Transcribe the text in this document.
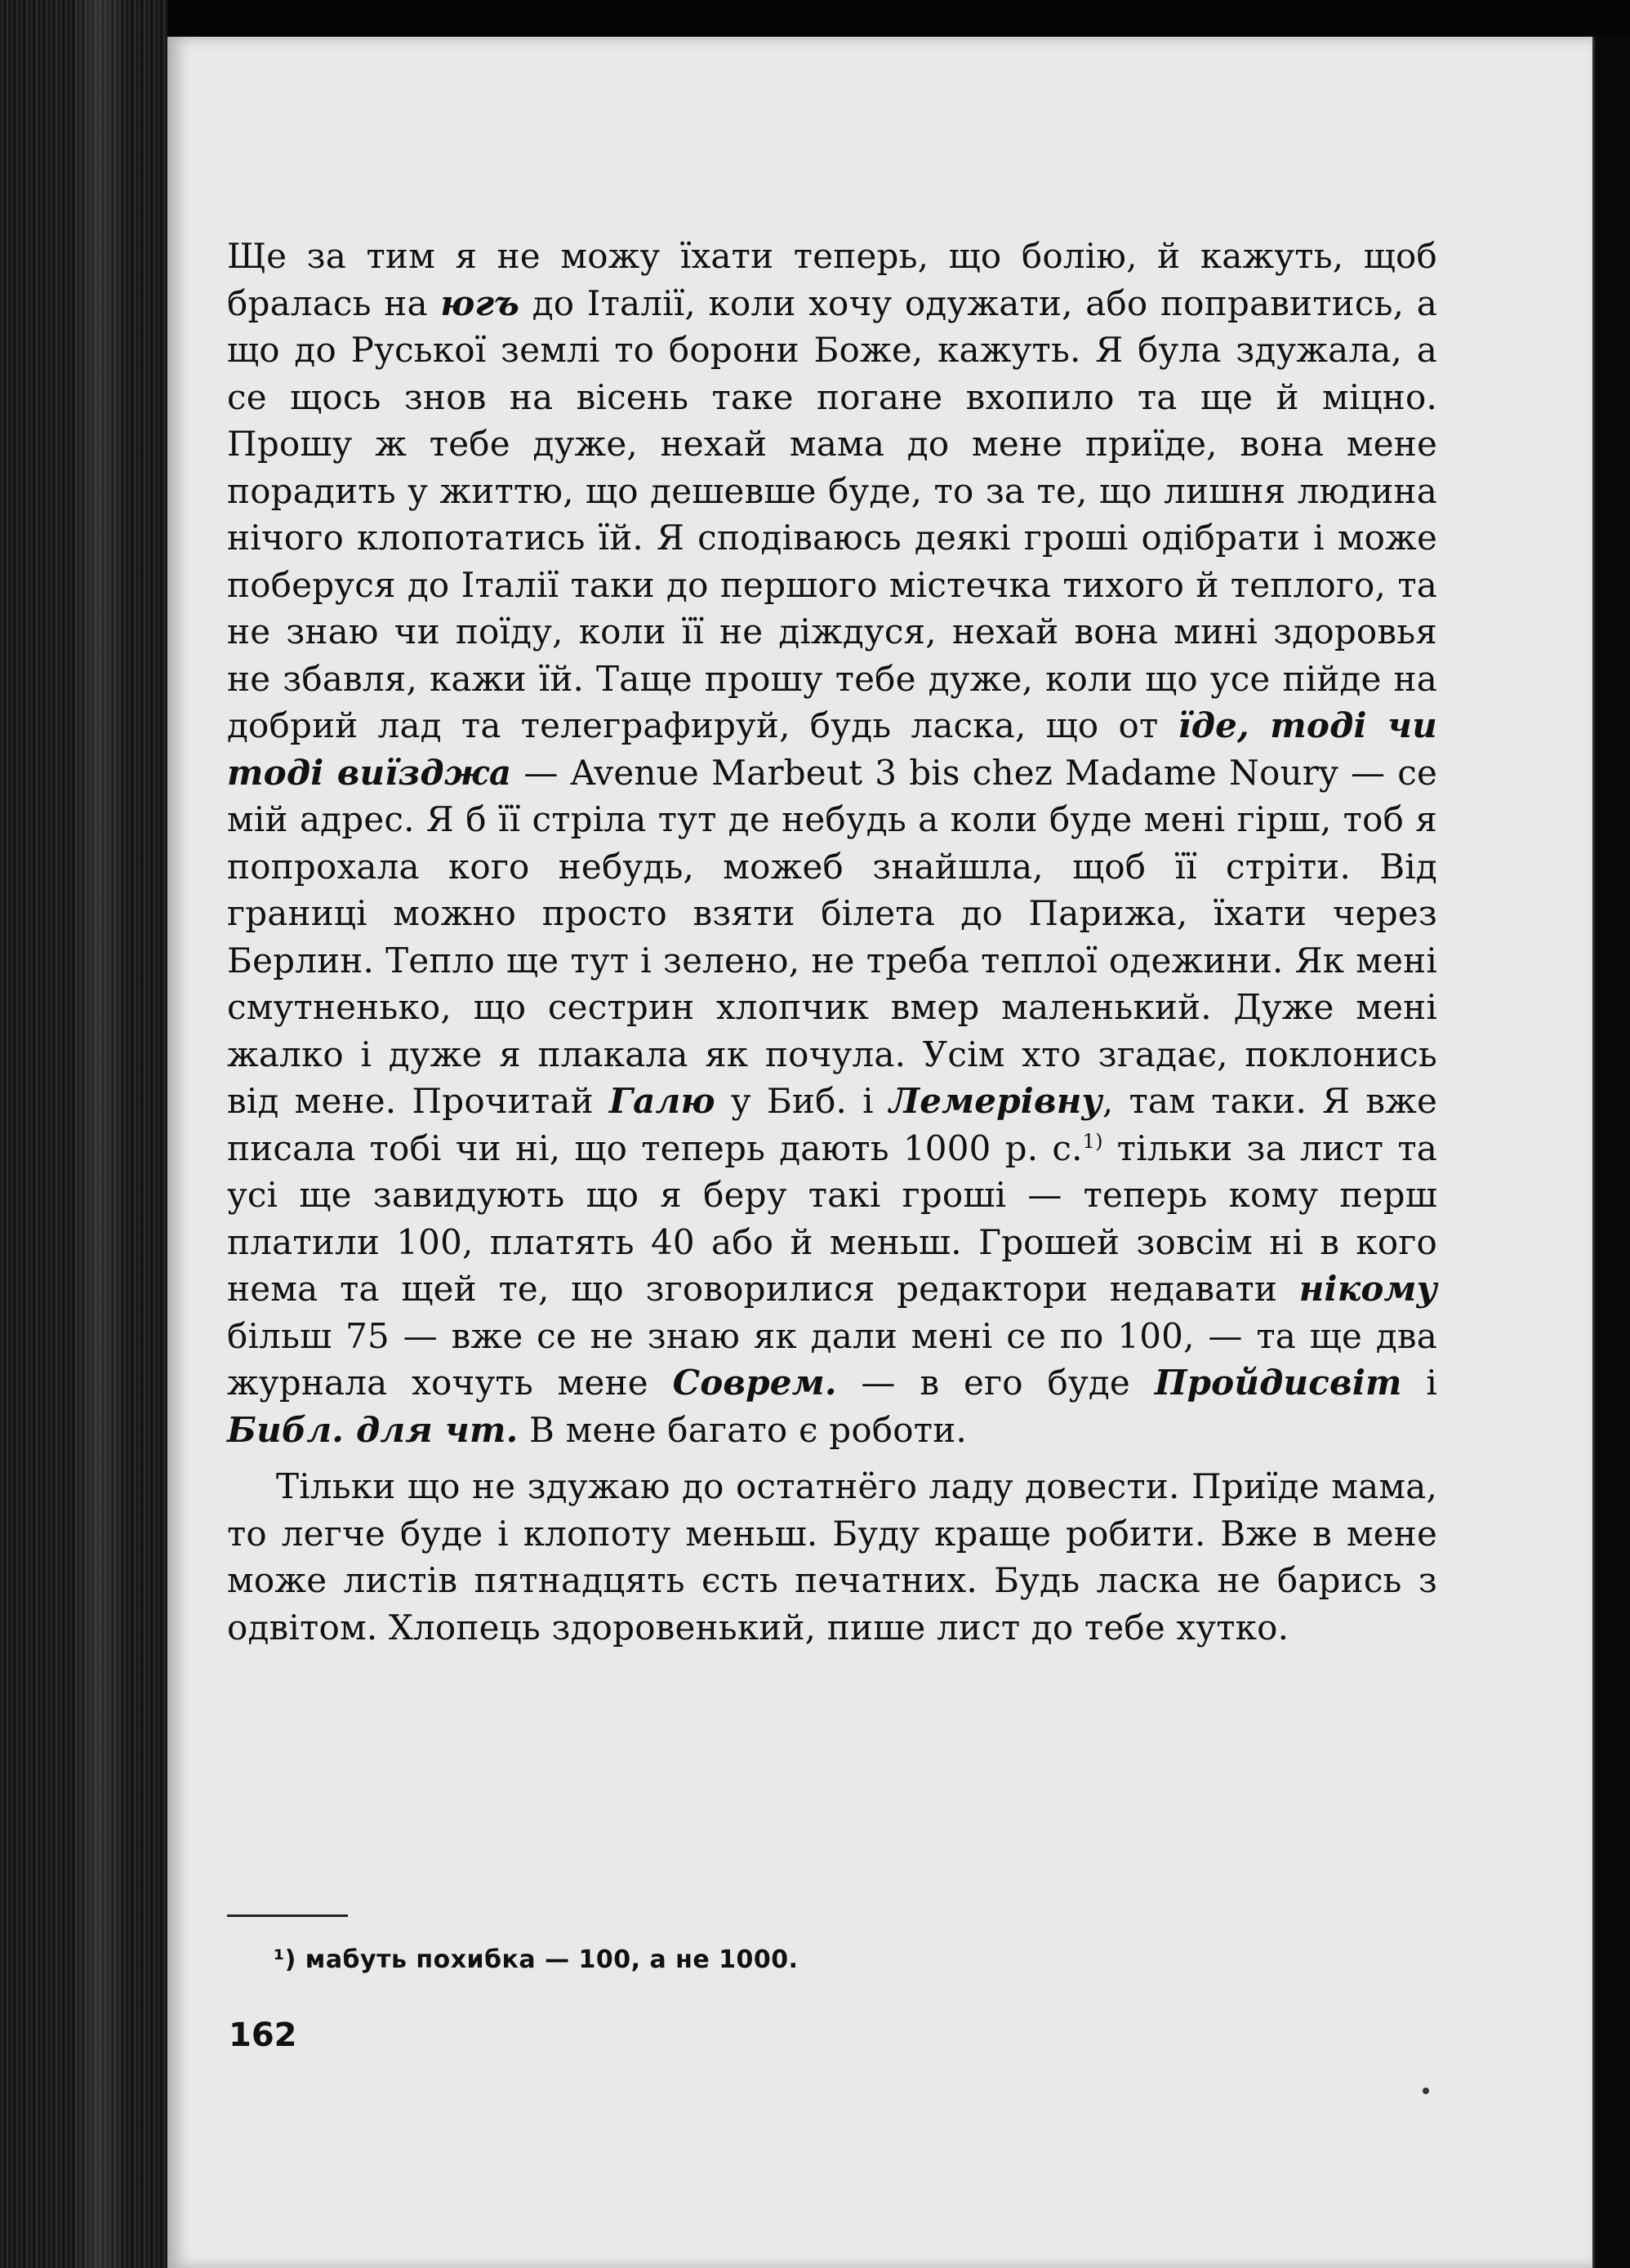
Ще за тим я не можу їхати теперь, що болію, й кажуть, щоб бралась на югъ до Італії, коли хочу одужати, або поправитись, а що до Руської землі то борони Боже, кажуть. Я була здужала, а се щось знов на вісень таке погане вхопило та ще й міцно. Прошу ж тебе дуже, нехай мама до мене приїде, вона мене порадить у життю, що дешевше буде, то за те, що лишня людина нічого клопотатись їй. Я сподіваюсь деякі гроші одібрати і може поберуся до Італії таки до першого містечка тихого й теплого, та не знаю чи поїду, коли її не діждуся, нехай вона мині здоровья не збавля, кажи їй. Таще прошу тебе дуже, коли що усе пійде на добрий лад та телеграфируй, будь ласка, що от їде, тоді чи тоді виїзджа — Avenue Marbeut 3 bis chez Madame Noury — се мій адрес. Я б її стріла тут де небудь а коли буде мені гірш, тоб я попрохала кого небудь, можеб знайшла, щоб її стріти. Від границі можно просто взяти білета до Парижа, їхати через Берлин. Тепло ще тут і зелено, не треба теплої одежини. Як мені смутненько, що сестрин хлопчик вмер маленький. Дуже мені жалко і дуже я плакала як почула. Усім хто згадає, поклонись від мене. Прочитай Галю у Биб. і Лемерівну, там таки. Я вже писала тобі чи ні, що теперь дають 1000 р. с.$^{1)}$ тільки за лист та усі ще завидують що я беру такі гроші — теперь кому перш платили 100, платять 40 або й меньш. Грошей зовсім ні в кого нема та щей те, що зговорилися редактори недавати нікому більш 75 — вже се не знаю як дали мені се по 100, — та ще два журнала хочуть мене Соврем. — в его буде Пройдисвіт і Библ. для чт. В мене багато є роботи.

Тільки що не здужаю до остатнёго ладу довести. Приїде мама, то легче буде і клопоту меньш. Буду краще робити. Вже в мене може листів пятнадцять єсть печатних. Будь ласка не барись з одвітом. Хлопець здоровенький, пише лист до тебе хутко.

¹) мабуть похибка — 100, а не 1000.
162
